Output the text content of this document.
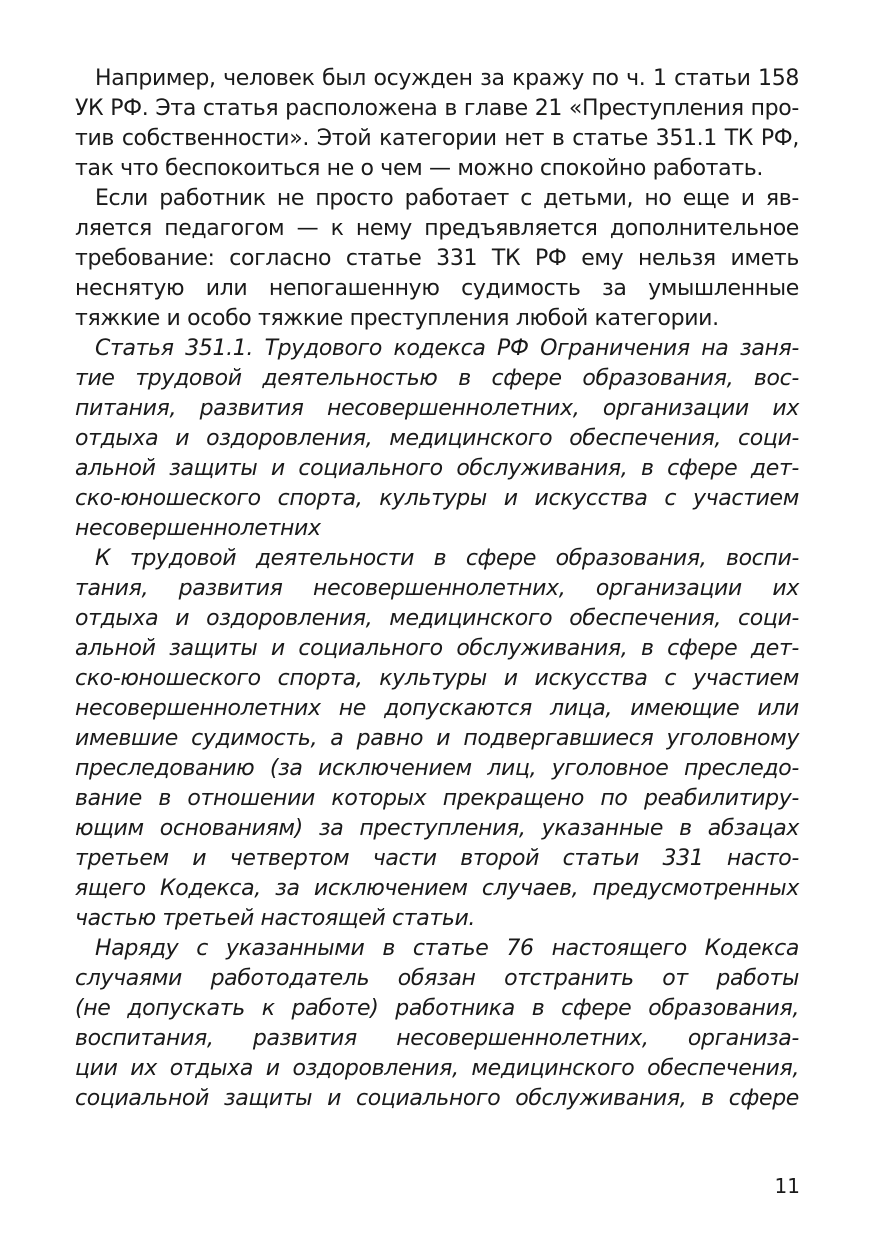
Например, человек был осужден за кражу по ч. 1 статьи 158
УК РФ. Эта статья расположена в главе 21 «Преступления про-
тив собственности». Этой категории нет в статье 351.1 ТК РФ,
так что беспокоиться не о чем — можно спокойно работать.
Если работник не просто работает с детьми, но еще и яв-
ляется педагогом — к нему предъявляется дополнительное
требование: согласно статье 331 ТК РФ ему нельзя иметь
неснятую или непогашенную судимость за умышленные
тяжкие и особо тяжкие преступления любой категории.
Статья 351.1. Трудового кодекса РФ Ограничения на заня-
тие трудовой деятельностью в сфере образования, вос-
питания, развития несовершеннолетних, организации их
отдыха и оздоровления, медицинского обеспечения, соци-
альной защиты и социального обслуживания, в сфере дет-
ско-юношеского спорта, культуры и искусства с участием
несовершеннолетних
К трудовой деятельности в сфере образования, воспи-
тания, развития несовершеннолетних, организации их
отдыха и оздоровления, медицинского обеспечения, соци-
альной защиты и социального обслуживания, в сфере дет-
ско-юношеского спорта, культуры и искусства с участием
несовершеннолетних не допускаются лица, имеющие или
имевшие судимость, а равно и подвергавшиеся уголовному
преследованию (за исключением лиц, уголовное преследо-
вание в отношении которых прекращено по реабилитиру-
ющим основаниям) за преступления, указанные в абзацах
третьем и четвертом части второй статьи 331 насто-
ящего Кодекса, за исключением случаев, предусмотренных
частью третьей настоящей статьи.
Наряду с указанными в статье 76 настоящего Кодекса
случаями работодатель обязан отстранить от работы
(не допускать к работе) работника в сфере образования,
воспитания, развития несовершеннолетних, организа-
ции их отдыха и оздоровления, медицинского обеспечения,
социальной защиты и социального обслуживания, в сфере
11
